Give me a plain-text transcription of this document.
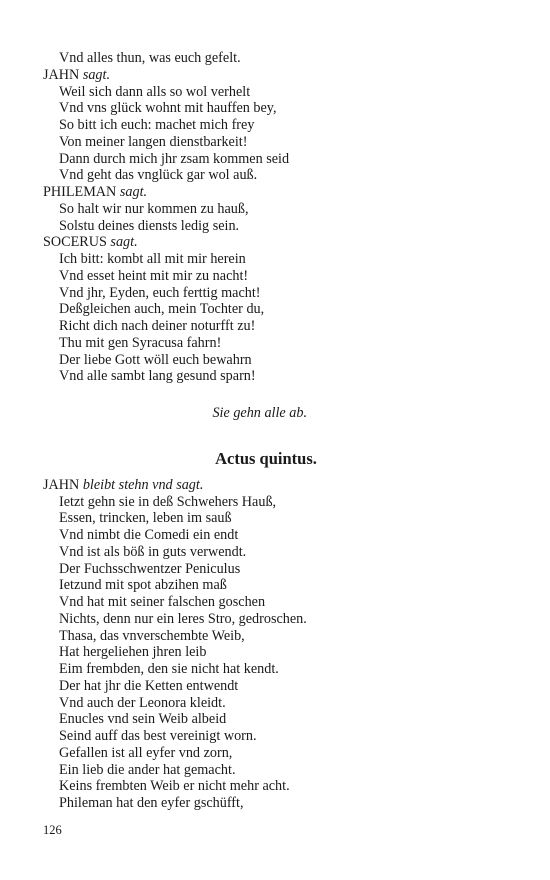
Vnd alles thun, was euch gefelt.
JAHN sagt.
Weil sich dann alls so wol verhelt
Vnd vns glück wohnt mit hauffen bey,
So bitt ich euch: machet mich frey
Von meiner langen dienstbarkeit!
Dann durch mich jhr zsam kommen seid
Vnd geht das vnglück gar wol auß.
PHILEMAN sagt.
So halt wir nur kommen zu hauß,
Solstu deines diensts ledig sein.
SOCERUS sagt.
Ich bitt: kombt all mit mir herein
Vnd esset heint mit mir zu nacht!
Vnd jhr, Eyden, euch ferttig macht!
Deßgleichen auch, mein Tochter du,
Richt dich nach deiner noturfft zu!
Thu mit gen Syracusa fahrn!
Der liebe Gott wöll euch bewahrn
Vnd alle sambt lang gesund sparn!
Sie gehn alle ab.
Actus quintus.
JAHN bleibt stehn vnd sagt.
Ietzt gehn sie in deß Schwehers Hauß,
Essen, trincken, leben im sauß
Vnd nimbt die Comedi ein endt
Vnd ist als böß in guts verwendt.
Der Fuchsschwentzer Peniculus
Ietzund mit spot abzihen maß
Vnd hat mit seiner falschen goschen
Nichts, denn nur ein leres Stro, gedroschen.
Thasa, das vnverschembte Weib,
Hat hergeliehen jhren leib
Eim frembden, den sie nicht hat kendt.
Der hat jhr die Ketten entwendt
Vnd auch der Leonora kleidt.
Enucles vnd sein Weib albeid
Seind auff das best vereinigt worn.
Gefallen ist all eyfer vnd zorn,
Ein lieb die ander hat gemacht.
Keins frembten Weib er nicht mehr acht.
Phileman hat den eyfer gschüfft,
126
